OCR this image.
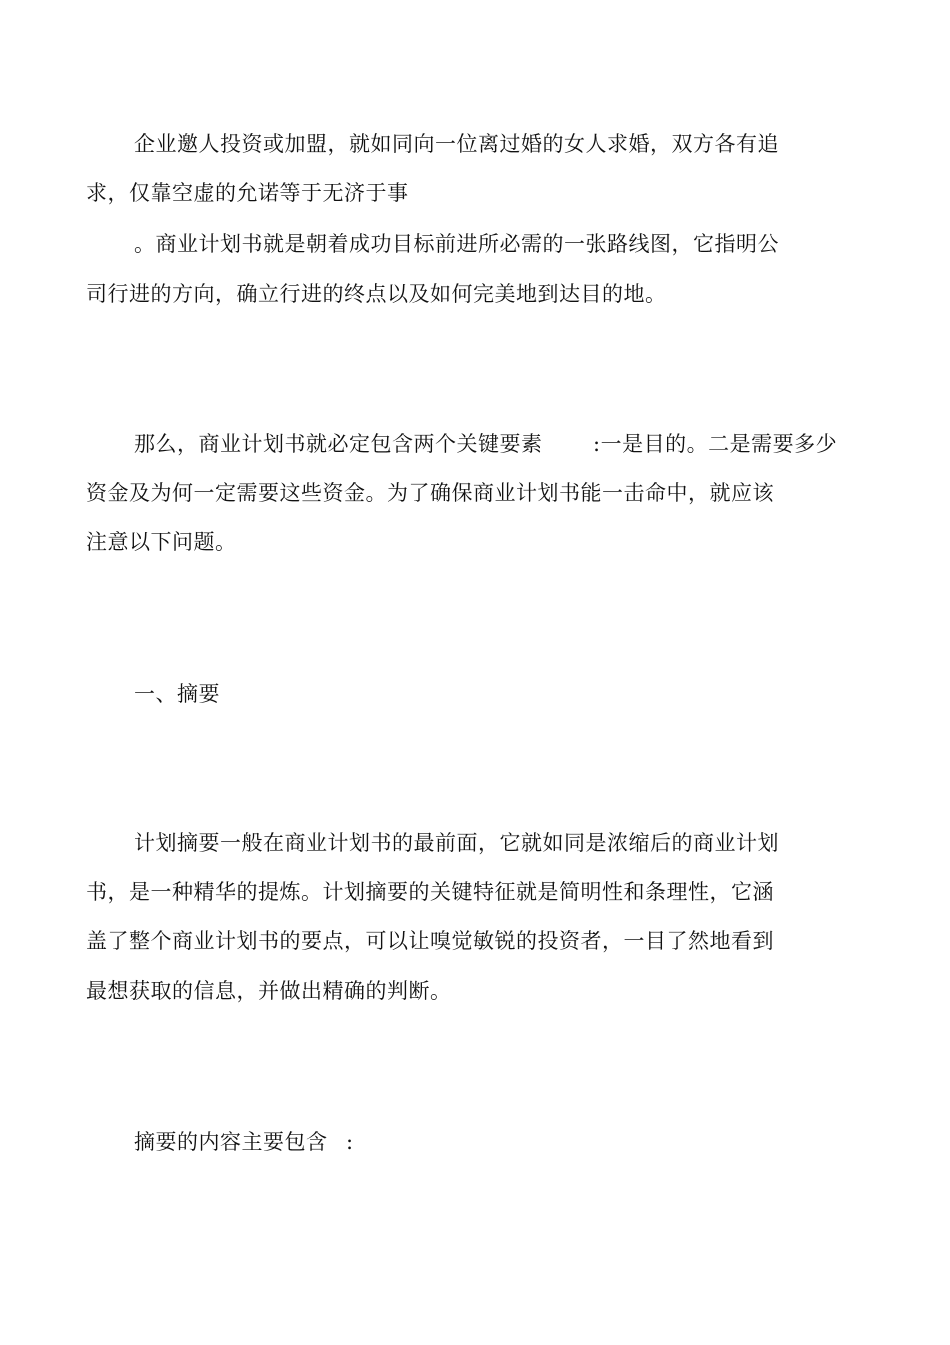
企业邀人投资或加盟，就如同向一位离过婚的女人求婚，双方各有追
求，仅靠空虚的允诺等于无济于事
。商业计划书就是朝着成功目标前进所必需的一张路线图，它指明公
司行进的方向，确立行进的终点以及如何完美地到达目的地。
那么，商业计划书就必定包含两个关键要素 :一是目的。二是需要多少
资金及为何一定需要这些资金。为了确保商业计划书能一击命中，就应该
注意以下问题。
一、摘要
计划摘要一般在商业计划书的最前面，它就如同是浓缩后的商业计划
书，是一种精华的提炼。计划摘要的关键特征就是简明性和条理性，它涵
盖了整个商业计划书的要点，可以让嗅觉敏锐的投资者，一目了然地看到
最想获取的信息，并做出精确的判断。
摘要的内容主要包含 :
